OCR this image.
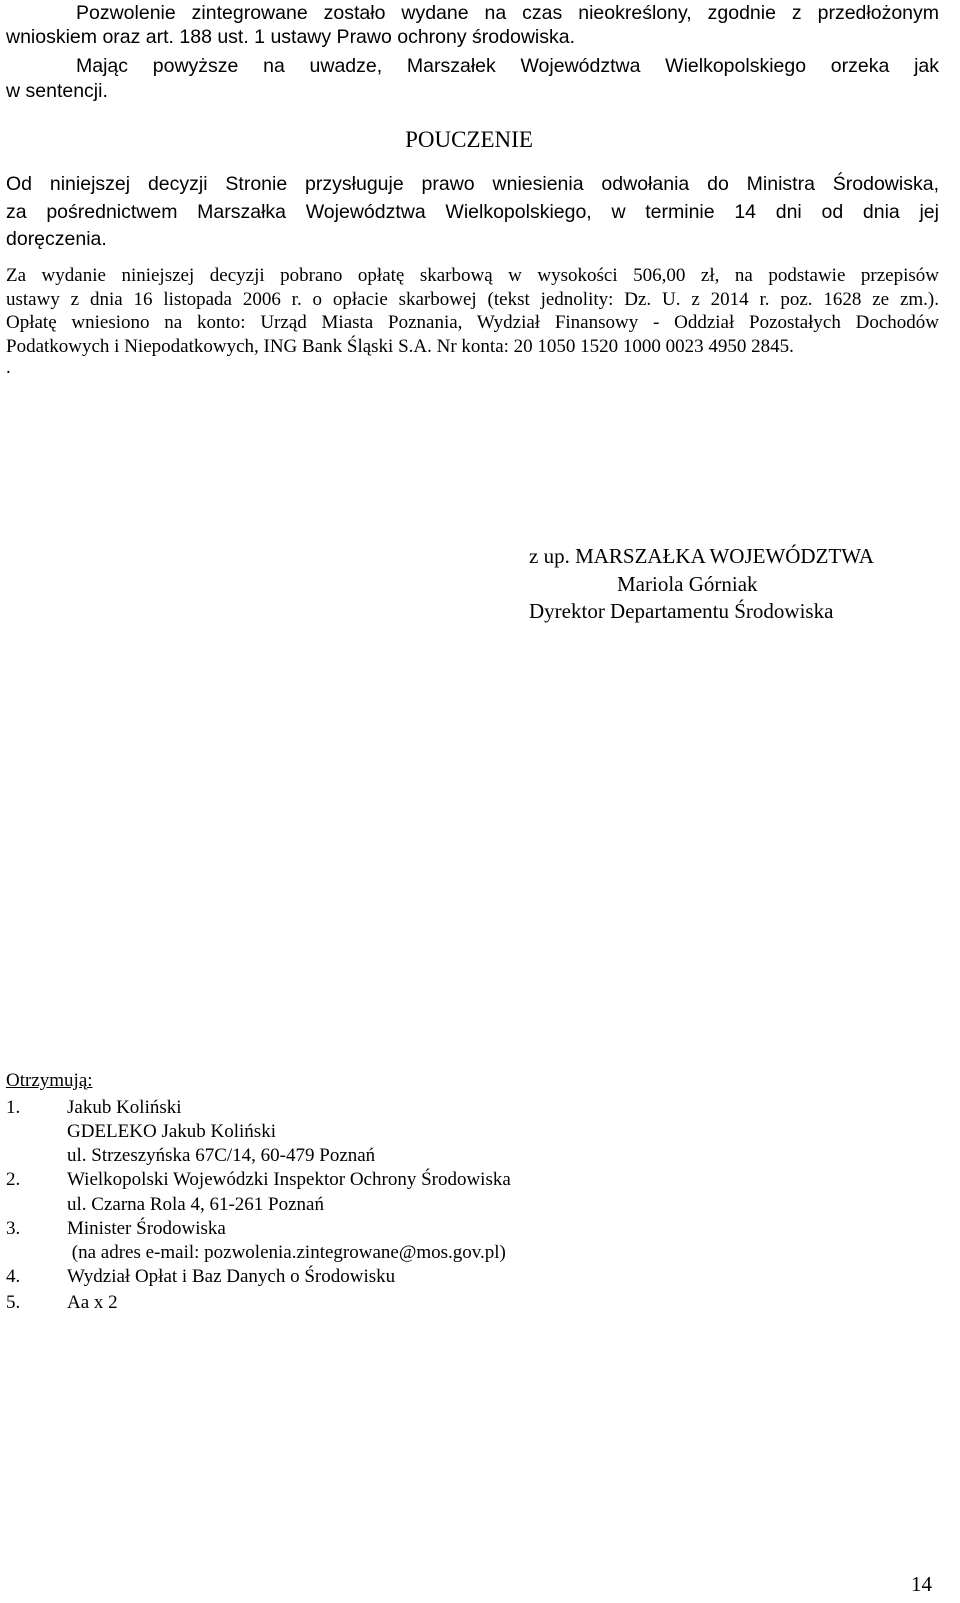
Pozwolenie zintegrowane zostało wydane na czas nieokreślony, zgodnie z przedłożonym
wnioskiem oraz art. 188 ust. 1 ustawy Prawo ochrony środowiska.
Mając powyższe na uwadze, Marszałek Województwa Wielkopolskiego orzeka jak
w sentencji.
POUCZENIE
Od niniejszej decyzji Stronie przysługuje prawo wniesienia odwołania do Ministra Środowiska,
za pośrednictwem Marszałka Województwa Wielkopolskiego, w terminie 14 dni od dnia jej
doręczenia.
Za wydanie niniejszej decyzji pobrano opłatę skarbową w wysokości 506,00 zł, na podstawie przepisów
ustawy z dnia 16 listopada 2006 r. o opłacie skarbowej (tekst jednolity: Dz. U. z 2014 r. poz. 1628 ze zm.).
Opłatę wniesiono na konto: Urząd Miasta Poznania, Wydział Finansowy - Oddział Pozostałych Dochodów
Podatkowych i Niepodatkowych, ING Bank Śląski S.A. Nr konta: 20 1050 1520 1000 0023 4950 2845.
.
z up. MARSZAŁKA WOJEWÓDZTWA
Mariola Górniak
Dyrektor Departamentu Środowiska
Otrzymują:
1. Jakub Koliński
GDELEKO Jakub Koliński
ul. Strzeszyńska 67C/14, 60-479 Poznań
2. Wielkopolski Wojewódzki Inspektor Ochrony Środowiska
ul. Czarna Rola 4, 61-261 Poznań
3. Minister Środowiska
(na adres e-mail: pozwolenia.zintegrowane@mos.gov.pl)
4. Wydział Opłat i Baz Danych o Środowisku
5. Aa x 2
14
